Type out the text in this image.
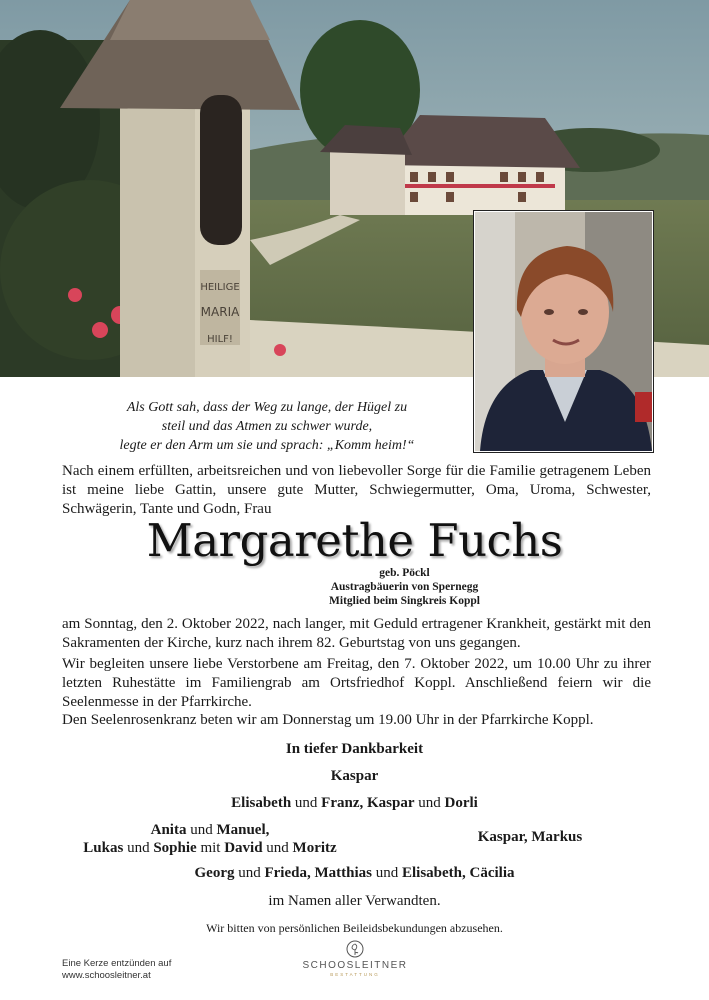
HEILIGE
MARIA
HILF!
Als Gott sah, dass der Weg zu lange, der Hügel zu
steil und das Atmen zu schwer wurde,
legte er den Arm um sie und sprach: „Komm heim!“
Nach einem erfüllten, arbeitsreichen und von liebevoller Sorge für die Familie getragenem Leben ist meine liebe Gattin, unsere gute Mutter, Schwiegermutter, Oma, Uroma, Schwester, Schwägerin, Tante und Godn, Frau
Margarethe Fuchs
geb. Pöckl
Austragbäuerin von Spernegg
Mitglied beim Singkreis Koppl
am Sonntag, den 2. Oktober 2022, nach langer, mit Geduld ertragener Krankheit, gestärkt mit den Sakramenten der Kirche, kurz nach ihrem 82. Geburtstag von uns gegangen.
Wir begleiten unsere liebe Verstorbene am Freitag, den 7. Oktober 2022, um 10.00 Uhr zu ihrer letzten Ruhestätte im Familiengrab am Ortsfriedhof Koppl. Anschließend feiern wir die Seelenmesse in der Pfarrkirche.
Den Seelenrosenkranz beten wir am Donnerstag um 19.00 Uhr in der Pfarrkirche Koppl.
In tiefer Dankbarkeit
Kaspar
Elisabeth und Franz, Kaspar und Dorli
Anita und Manuel,
Lukas und Sophie mit David und Moritz
Kaspar, Markus
Georg und Frieda, Matthias und Elisabeth, Cäcilia
im Namen aller Verwandten.
Wir bitten von persönlichen Beileidsbekundungen abzusehen.
Eine Kerze entzünden auf
www.schoosleitner.at
SCHOOSLEITNER
BESTATTUNG
